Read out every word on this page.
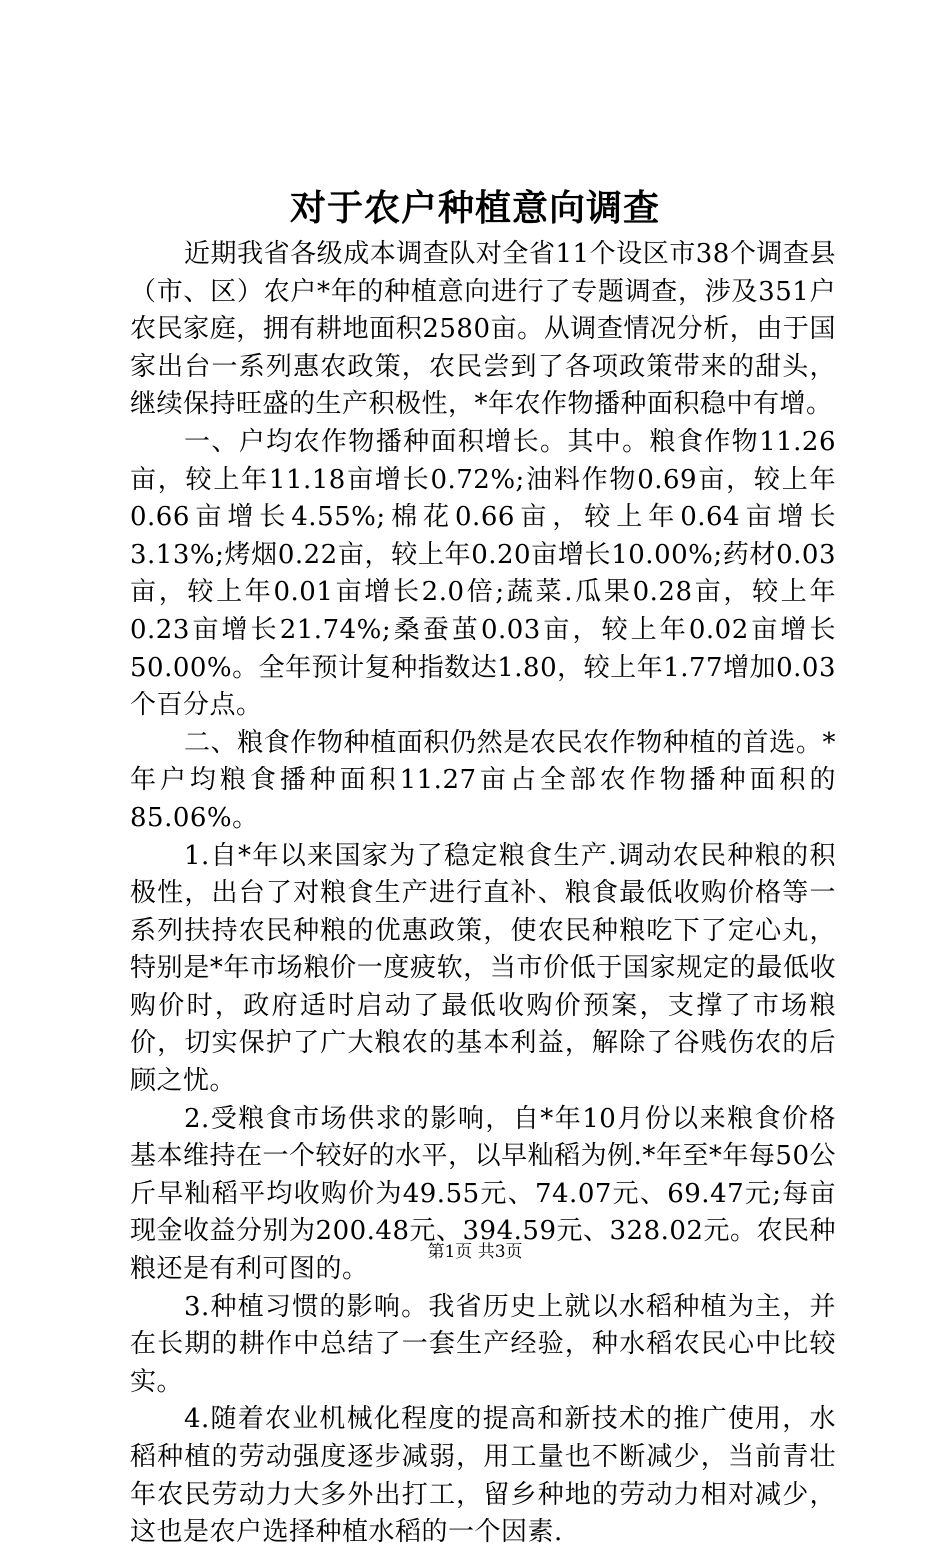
对于农户种植意向调查

近期我省各级成本调查队对全省11个设区市38个调查县（市、区）农户*年的种植意向进行了专题调查，涉及351户农民家庭，拥有耕地面积2580亩。从调查情况分析，由于国家出台一系列惠农政策，农民尝到了各项政策带来的甜头，继续保持旺盛的生产积极性，*年农作物播种面积稳中有增。

一、户均农作物播种面积增长。其中。粮食作物11.26亩，较上年11.18亩增长0.72%;油料作物0.69亩，较上年0.66亩增长4.55%;棉花0.66亩，较上年0.64亩增长3.13%;烤烟0.22亩，较上年0.20亩增长10.00%;药材0.03亩，较上年0.01亩增长2.0倍;蔬菜.瓜果0.28亩，较上年0.23亩增长21.74%;桑蚕茧0.03亩，较上年0.02亩增长50.00%。全年预计复种指数达1.80，较上年1.77增加0.03个百分点。

二、粮食作物种植面积仍然是农民农作物种植的首选。*年户均粮食播种面积11.27亩占全部农作物播种面积的85.06%。

1.自*年以来国家为了稳定粮食生产.调动农民种粮的积极性，出台了对粮食生产进行直补、粮食最低收购价格等一系列扶持农民种粮的优惠政策，使农民种粮吃下了定心丸，特别是*年市场粮价一度疲软，当市价低于国家规定的最低收购价时，政府适时启动了最低收购价预案，支撑了市场粮价，切实保护了广大粮农的基本利益，解除了谷贱伤农的后顾之忧。

2.受粮食市场供求的影响，自*年10月份以来粮食价格基本维持在一个较好的水平，以早籼稻为例.*年至*年每50公斤早籼稻平均收购价为49.55元、74.07元、69.47元;每亩现金收益分别为200.48元、394.59元、328.02元。农民种粮还是有利可图的。

3.种植习惯的影响。我省历史上就以水稻种植为主，并在长期的耕作中总结了一套生产经验，种水稻农民心中比较实。

4.随着农业机械化程度的提高和新技术的推广使用，水稻种植的劳动强度逐步减弱，用工量也不断减少，当前青壮年农民劳动力大多外出打工，留乡种地的劳动力相对减少，这也是农户选择种植水稻的一个因素.

第1页 共3页
